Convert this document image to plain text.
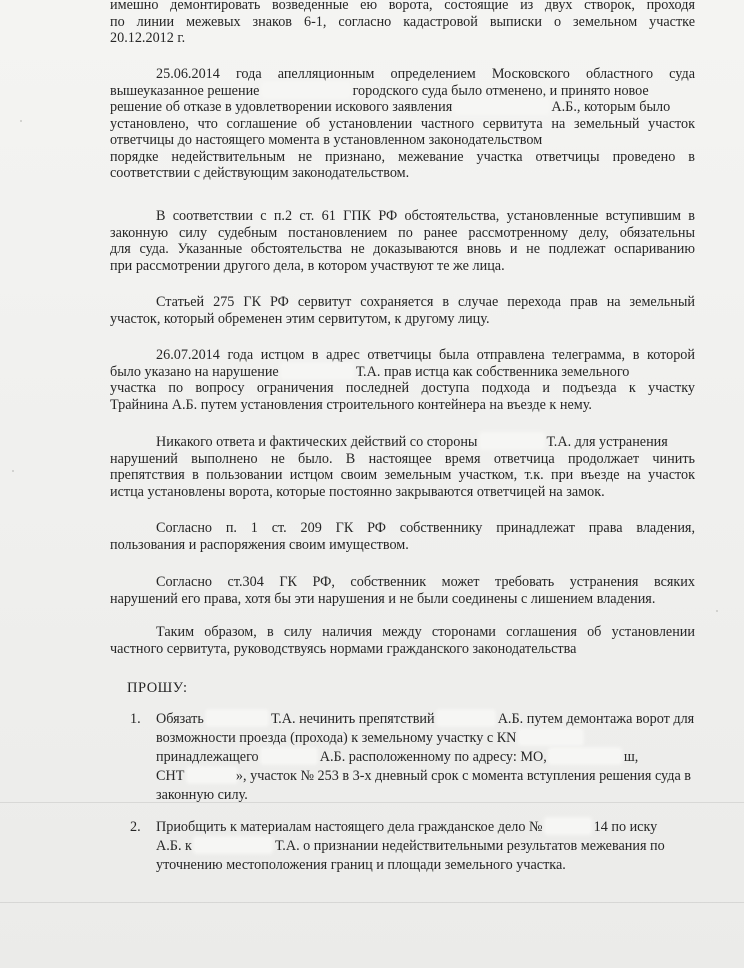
имешно демонтировать возведенные ею ворота, состоящие из двух створок, проходя
по линии межевых знаков 6-1, согласно кадастровой выписки о земельном участке
20.12.2012 г.
25.06.2014 года апелляционным определением Московского областного суда
вышеуказанное решение	городского суда было отменено, и принято новое
решение об отказе в удовлетворении искового заявления	А.Б., которым было
установлено, что соглашение об установлении частного сервитута на земельный участок
ответчицы до настоящего момента в установленном законодательством
порядке недействительным не признано, межевание участка ответчицы проведено в
соответствии с действующим законодательством.
В соответствии с п.2 ст. 61 ГПК РФ обстоятельства, установленные вступившим в
законную силу судебным постановлением по ранее рассмотренному делу, обязательны
для суда. Указанные обстоятельства не доказываются вновь и не подлежат оспариванию
при рассмотрении другого дела, в котором участвуют те же лица.
Статьей 275 ГК РФ сервитут сохраняется в случае перехода прав на земельный
участок, который обременен этим сервитутом, к другому лицу.
26.07.2014 года истцом в адрес ответчицы была отправлена телеграмма, в которой
было указано на нарушение	Т.А. прав истца как собственника земельного
участка по вопросу ограничения последней доступа подхода и подъезда к участку
Трайнина А.Б. путем установления строительного контейнера на въезде к нему.
Никакого ответа и фактических действий со стороны	Т.А. для устранения
нарушений выполнено не было. В настоящее время ответчица продолжает чинить
препятствия в пользовании истцом своим земельным участком, т.к. при въезде на участок
истца установлены ворота, которые постоянно закрываются ответчицей на замок.
Согласно п. 1 ст. 209 ГК РФ собственнику принадлежат права владения,
пользования и распоряжения своим имуществом.
Согласно ст.304 ГК РФ, собственник может требовать устранения всяких
нарушений его права, хотя бы эти нарушения и не были соединены с лишением владения.
Таким образом, в силу наличия между сторонами соглашения об установлении
частного сервитута, руководствуясь нормами гражданского законодательства
ПРОШУ:
1.	Обязать	Т.А. нечинить препятствий	А.Б. путем демонтажа ворот для
возможности проезда (прохода) к земельному участку с КN
принадлежащего	А.Б. расположенному по адресу: МО,	ш,
СНТ	», участок № 253 в 3-х дневный срок с момента вступления решения суда в
законную силу.
2.	Приобщить к материалам настоящего дела гражданское дело №	14 по иску
А.Б. к	Т.А. о признании недействительными результатов межевания по
уточнению местоположения границ и площади земельного участка.
